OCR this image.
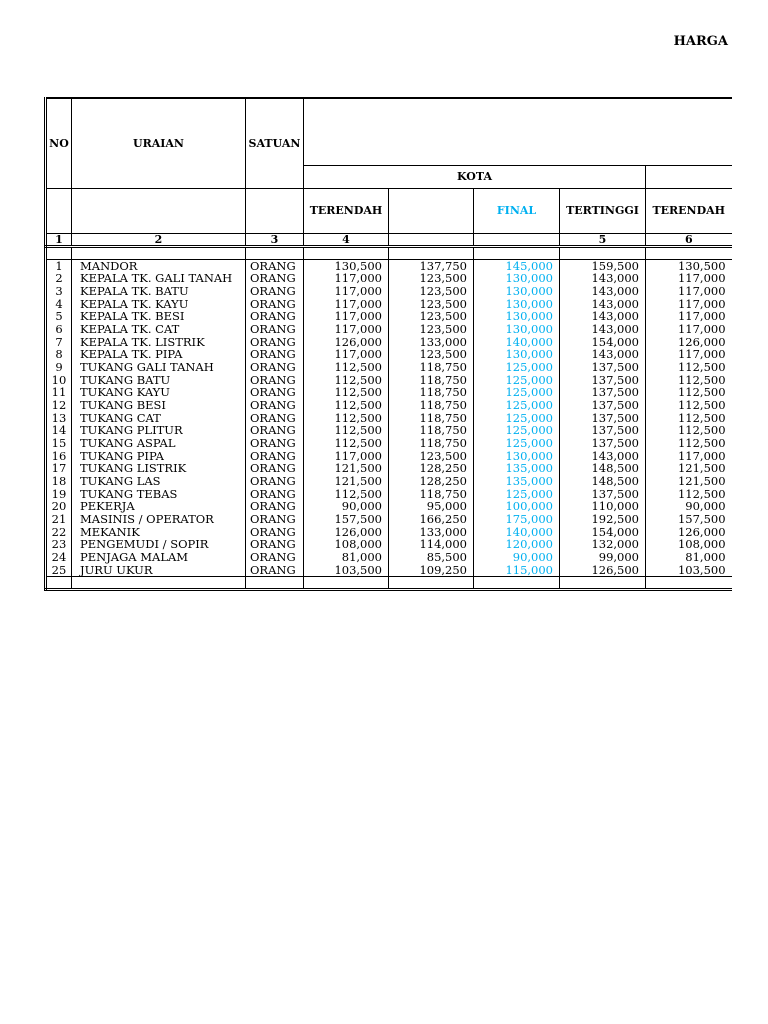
HARGA
NO	URAIAN	SATUAN					
			KOTA				
			TERENDAH		FINAL	TERTINGGI	TERENDAH
1	2	3	4			5	6

1	MANDOR	ORANG	130,500	137,750	145,000	159,500	130,500
2	KEPALA TK. GALI TANAH	ORANG	117,000	123,500	130,000	143,000	117,000
3	KEPALA TK. BATU	ORANG	117,000	123,500	130,000	143,000	117,000
4	KEPALA TK. KAYU	ORANG	117,000	123,500	130,000	143,000	117,000
5	KEPALA TK. BESI	ORANG	117,000	123,500	130,000	143,000	117,000
6	KEPALA TK. CAT	ORANG	117,000	123,500	130,000	143,000	117,000
7	KEPALA TK. LISTRIK	ORANG	126,000	133,000	140,000	154,000	126,000
8	KEPALA TK. PIPA	ORANG	117,000	123,500	130,000	143,000	117,000
9	TUKANG GALI TANAH	ORANG	112,500	118,750	125,000	137,500	112,500
10	TUKANG BATU	ORANG	112,500	118,750	125,000	137,500	112,500
11	TUKANG KAYU	ORANG	112,500	118,750	125,000	137,500	112,500
12	TUKANG BESI	ORANG	112,500	118,750	125,000	137,500	112,500
13	TUKANG CAT	ORANG	112,500	118,750	125,000	137,500	112,500
14	TUKANG PLITUR	ORANG	112,500	118,750	125,000	137,500	112,500
15	TUKANG ASPAL	ORANG	112,500	118,750	125,000	137,500	112,500
16	TUKANG PIPA	ORANG	117,000	123,500	130,000	143,000	117,000
17	TUKANG LISTRIK	ORANG	121,500	128,250	135,000	148,500	121,500
18	TUKANG LAS	ORANG	121,500	128,250	135,000	148,500	121,500
19	TUKANG TEBAS	ORANG	112,500	118,750	125,000	137,500	112,500
20	PEKERJA	ORANG	90,000	95,000	100,000	110,000	90,000
21	MASINIS / OPERATOR	ORANG	157,500	166,250	175,000	192,500	157,500
22	MEKANIK	ORANG	126,000	133,000	140,000	154,000	126,000
23	PENGEMUDI / SOPIR	ORANG	108,000	114,000	120,000	132,000	108,000
24	PENJAGA MALAM	ORANG	81,000	85,500	90,000	99,000	81,000
25	JURU UKUR	ORANG	103,500	109,250	115,000	126,500	103,500
